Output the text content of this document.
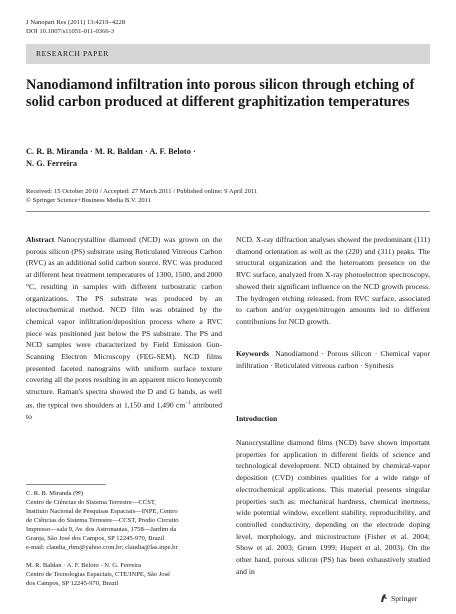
J Nanopart Res (2011) 13:4219–4228
DOI 10.1007/s11051-011-0366-3
RESEARCH PAPER
Nanodiamond infiltration into porous silicon through etching of solid carbon produced at different graphitization temperatures
C. R. B. Miranda · M. R. Baldan · A. F. Beloto ·
N. G. Ferreira
Received: 15 October 2010 / Accepted: 27 March 2011 / Published online: 9 April 2011
© Springer Science+Business Media B.V. 2011

Abstract Nanocrystalline diamond (NCD) was grown on the porous silicon (PS) substrate using Reticulated Vitreous Carbon (RVC) as an additional solid carbon source. RVC was produced at different heat treatment temperatures of 1300, 1500, and 2000 °C, resulting in samples with different turbostratic carbon organizations. The PS substrate was produced by an electrochemical method. NCD film was obtained by the chemical vapor infiltration/deposition process where a RVC piece was positioned just below the PS substrate. The PS and NCD samples were characterized by Field Emission Gun-Scanning Electron Microscopy (FEG-SEM). NCD films presented faceted nanograins with uniform surface texture covering all the pores resulting in an apparent micro honeycomb structure. Raman's spectra showed the D and G bands, as well as, the typical two shoulders at 1,150 and 1,490 $cm^{-1}$ attributed to

C. R. B. Miranda (✉)
Centro de Ciências do Sistema Terrestre—CCST,
Instituto Nacional de Pesquisas Espaciais—INPE, Centro
de Ciências do Sistema Terrestre—CCST, Predio Circuito
Impresso—sala 9, Av. dos Astronautas, 1758—Jardim da
Granja, São José dos Campos, SP 12245-970, Brazil
e-mail: claudia_rbm@yahoo.com.br; claudia@las.inpe.br
M. R. Baldan · A. F. Beloto · N. G. Ferreira
Centro de Tecnologias Espaciais, CTE/INPE, São José
dos Campos, SP 12245-970, Brazil

NCD. X-ray diffraction analyses showed the predominant (111) diamond orientation as well as the (220) and (311) peaks. The structural organization and the heteroatom presence on the RVC surface, analyzed from X-ray photoelectron spectroscopy, showed their significant influence on the NCD growth process. The hydrogen etching released, from RVC surface, associated to carbon and/or oxygen/nitrogen amounts led to different contributions for NCD growth.

Keywords Nanodiamond · Porous silicon · Chemical vapor infiltration · Reticulated vitreous carbon · Synthesis

Introduction

Nanocrystalline diamond films (NCD) have shown important properties for application in different fields of science and technological development. NCD obtained by chemical-vapor deposition (CVD) combines qualities for a wide range of electrochemical applications. This material presents singular properties such as: mechanical hardness, chemical inertness, wide potential window, excellent stability, reproducibility, and controlled conductivity, depending on the electrode doping level, morphology, and microstructure (Fisher et al. 2004; Show et al. 2003; Gruen 1999; Hupert et al. 2003). On the other hand, porous silicon (PS) has been exhaustively studied and in

Springer
